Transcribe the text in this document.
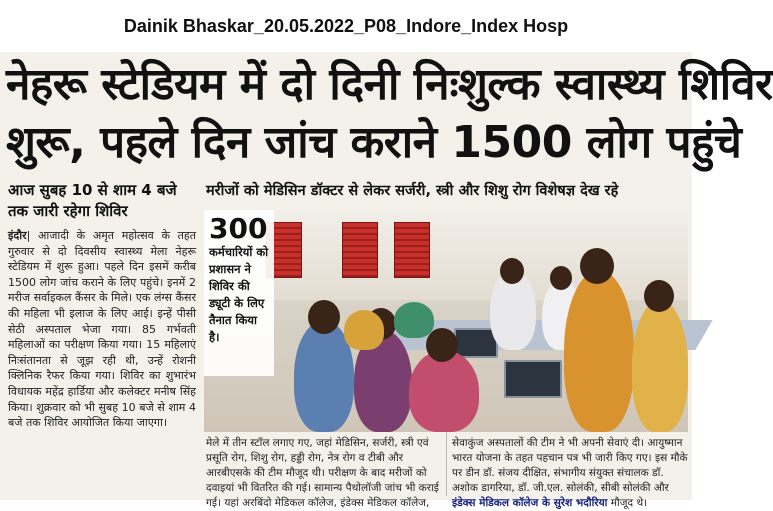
Dainik Bhaskar_20.05.2022_P08_Indore_Index Hosp
नेहरू स्टेडियम में दो दिनी निःशुल्क स्वास्थ्य शिविर
शुरू, पहले दिन जांच कराने 1500 लोग पहुंचे
आज सुबह 10 से शाम 4 बजे तक जारी रहेगा शिविर
मरीजों को मेडिसिन डॉक्टर से लेकर सर्जरी, स्त्री और शिशु रोग विशेषज्ञ देख रहे
इंदौर| आजादी के अमृत महोत्सव के तहत गुरुवार से दो दिवसीय स्वास्थ्य मेला नेहरू स्टेडियम में शुरू हुआ। पहले दिन इसमें करीब 1500 लोग जांच कराने के लिए पहुंचे। इनमें 2 मरीज सर्वाइकल कैंसर के मिले। एक लंग्स कैंसर की महिला भी इलाज के लिए आई। इन्हें पीसी सेठी अस्पताल भेजा गया। 85 गर्भवती महिलाओं का परीक्षण किया गया। 15 महिलाएं निःसंतानता से जूझ रही थी, उन्हें रोशनी क्लिनिक रैफर किया गया। शिविर का शुभारंभ विधायक महेंद्र हार्डिया और कलेक्टर मनीष सिंह किया। शुक्रवार को भी सुबह 10 बजे से शाम 4 बजे तक शिविर आयोजित किया जाएगा।
300
कर्मचारियों को प्रशासन ने शिविर की ड्यूटी के लिए तैनात किया है।
मेले में तीन स्टॉल लगाए गए, जहां मेडिसिन, सर्जरी, स्त्री एवं प्रसूति रोग, शिशु रोग, हड्डी रोग, नेत्र रोग व टीबी और आरबीएसके की टीम मौजूद थी। परीक्षण के बाद मरीजों को दवाइयां भी वितरित की गई। सामान्य पैथोलॉजी जांच भी कराई गई। यहां अरबिंदो मेडिकल कॉलेज, इंडेक्स मेडिकल कॉलेज,
सेवाकुंज अस्पतालों की टीम ने भी अपनी सेवाएं दी। आयुष्मान भारत योजना के तहत पहचान पत्र भी जारी किए गए। इस मौके पर डीन डॉ. संजय दीक्षित, संभागीय संयुक्त संचालक डॉ. अशोक डागरिया, डॉ. जी.एल. सोलंकी, सीबी सोलंकी और इंडेक्स मेडिकल कॉलेज के सुरेश भदौरिया मौजूद थे।
